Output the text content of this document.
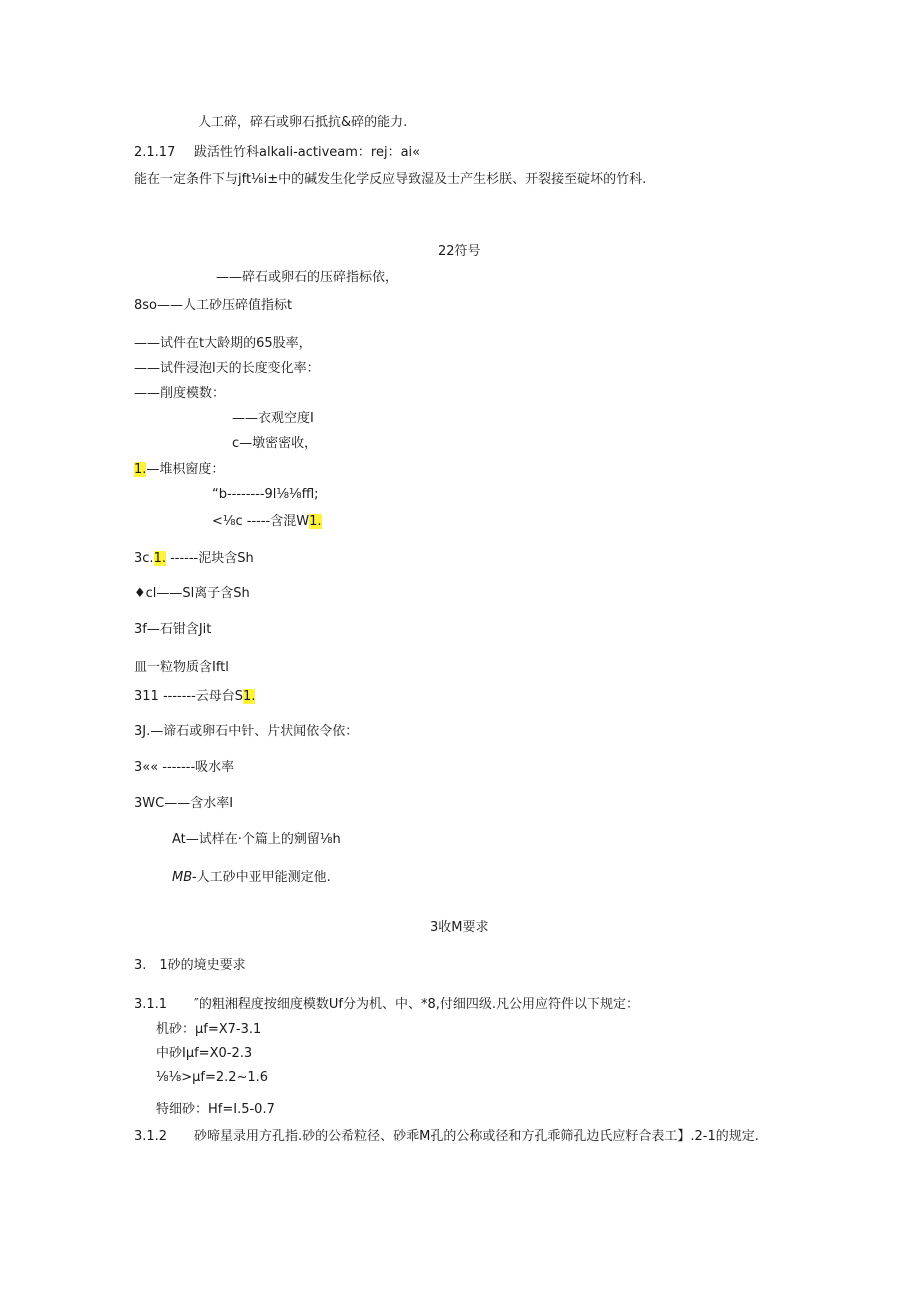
人工碎，碎石或卵石抵抗&碎的能力.
2.1.17 跋活性竹科alkali-activeam：rej：ai«
能在一定条件下与jft⅛i±中的碱发生化学反应导致湿及士产生杉朕、开裂接至碇坏的竹科.
22符号
——碎石或卵石的压碎指标依，
8so——人工砂压碎值指标t
——试件在t大龄期的65股率，
——试件浸泡l天的长度变化率：
——削度模数：
——衣观空度I
c—墩密密收，
1.—堆枳窗度：
“b--------9l⅛⅛ffl;
<⅛c -----含混W1.
3c.1. ------泥块含Sh
♦cl——Sl离子含Sh
3f—石钳含Jit
皿一粒物质含Iftl
311 -------云母台S1.
3J.—谛石或卵石中针、片状闻依令依：
3«« -------吸水率
3WC——含水率I
At—试样在·个篇上的剜留⅛h
MB-人工砂中亚甲能测定他.
3收M要求
3.　1砂的境史要求
3.1.1 ″的粗湘程度按细度模数Uf分为机、中、*8,付细四级.凡公用应符件以下规定：
机砂：µf=X7-3.1
中砂Iµf=X0-2.3
⅛⅛>µf=2.2~1.6
特细砂：Hf=I.5-0.7
3.1.2 砂啼星录用方孔指.砂的公希粒径、砂乖M孔的公称或径和方孔乖筛孔边氏应籽合表工】.2-1的规定.
